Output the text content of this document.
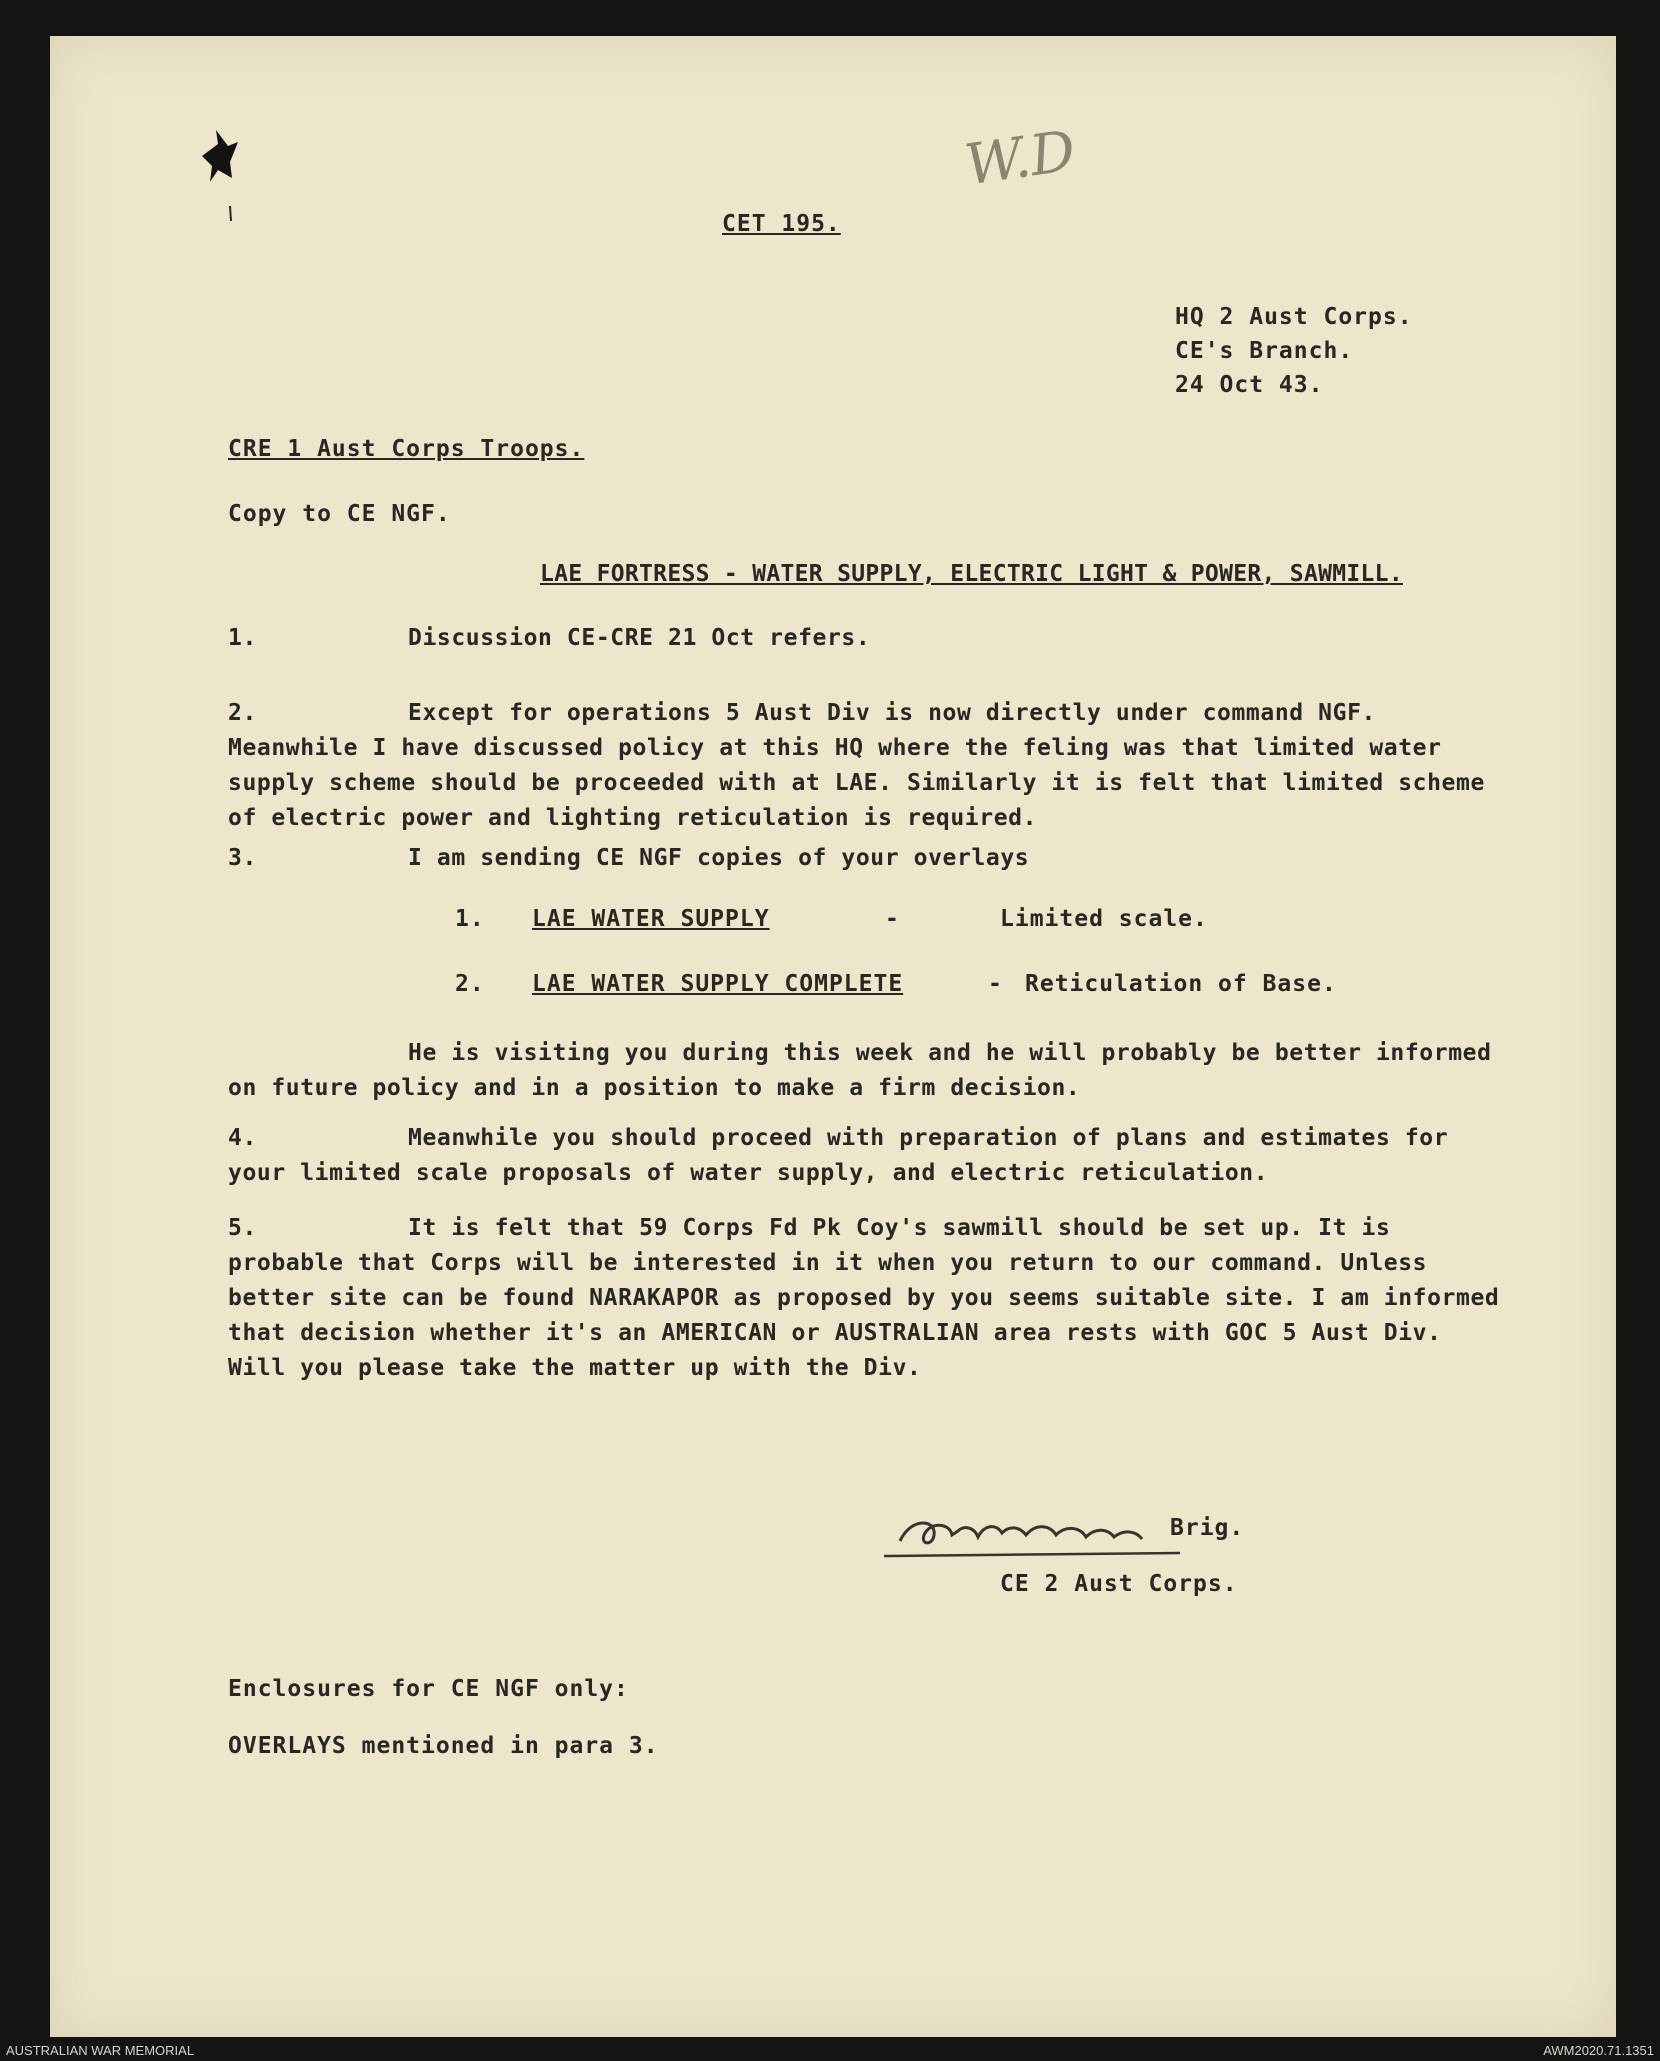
W.D
CET 195.
HQ 2 Aust Corps.
CE's Branch.
24 Oct 43.
CRE 1 Aust Corps Troops.
Copy to CE NGF.
LAE FORTRESS - WATER SUPPLY, ELECTRIC LIGHT & POWER, SAWMILL.
1.	Discussion CE-CRE 21 Oct refers.
2.	Except for operations 5 Aust Div is now directly under command NGF. Meanwhile I have discussed policy at this HQ where the feling was that limited water supply scheme should be proceeded with at LAE. Similarly it is felt that limited scheme of electric power and lighting reticulation is required.
3.	I am sending CE NGF copies of your overlays
1. LAE WATER SUPPLY	-	Limited scale.
2. LAE WATER SUPPLY COMPLETE	- Reticulation of Base.
He is visiting you during this week and he will probably be better informed on future policy and in a position to make a firm decision.
4.	Meanwhile you should proceed with preparation of plans and estimates for your limited scale proposals of water supply, and electric reticulation.
5.	It is felt that 59 Corps Fd Pk Coy's sawmill should be set up. It is probable that Corps will be interested in it when you return to our command. Unless better site can be found NARAKAPOR as proposed by you seems suitable site. I am informed that decision whether it's an AMERICAN or AUSTRALIAN area rests with GOC 5 Aust Div. Will you please take the matter up with the Div.
Brig.
CE 2 Aust Corps.
Enclosures for CE NGF only:
OVERLAYS mentioned in para 3.
AUSTRALIAN WAR MEMORIAL	AWM2020.71.1351
